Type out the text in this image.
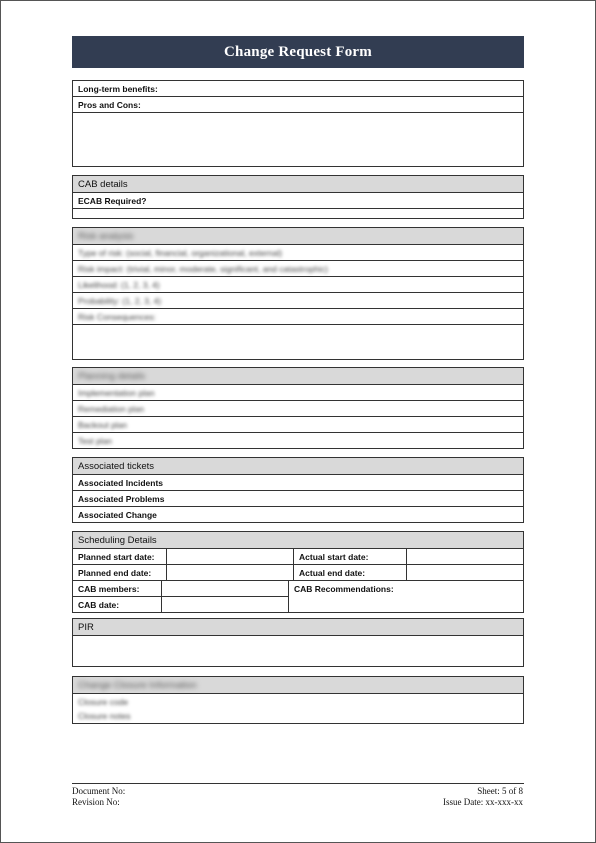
Change Request Form
Long-term benefits:
Pros and Cons:
CAB details
ECAB Required?
Risk analysis
Type of risk: (social, financial, organizational, external)
Risk impact: (trivial, minor, moderate, significant, and catastrophic)
Likelihood: (1, 2, 3, 4)
Probability: (1, 2, 3, 4)
Risk Consequences:
Planning details
Implementation plan
Remediation plan
Backout plan
Test plan
Associated tickets
Associated Incidents
Associated Problems
Associated Change
Scheduling Details
Planned start date:	Actual start date:
Planned end date:	Actual end date:
CAB members:
CAB date:
CAB Recommendations:
PIR
Change Closure Information
Closure code
Closure notes
Document No:
Revision No:
Sheet: 5 of 8
Issue Date: xx-xxx-xx
